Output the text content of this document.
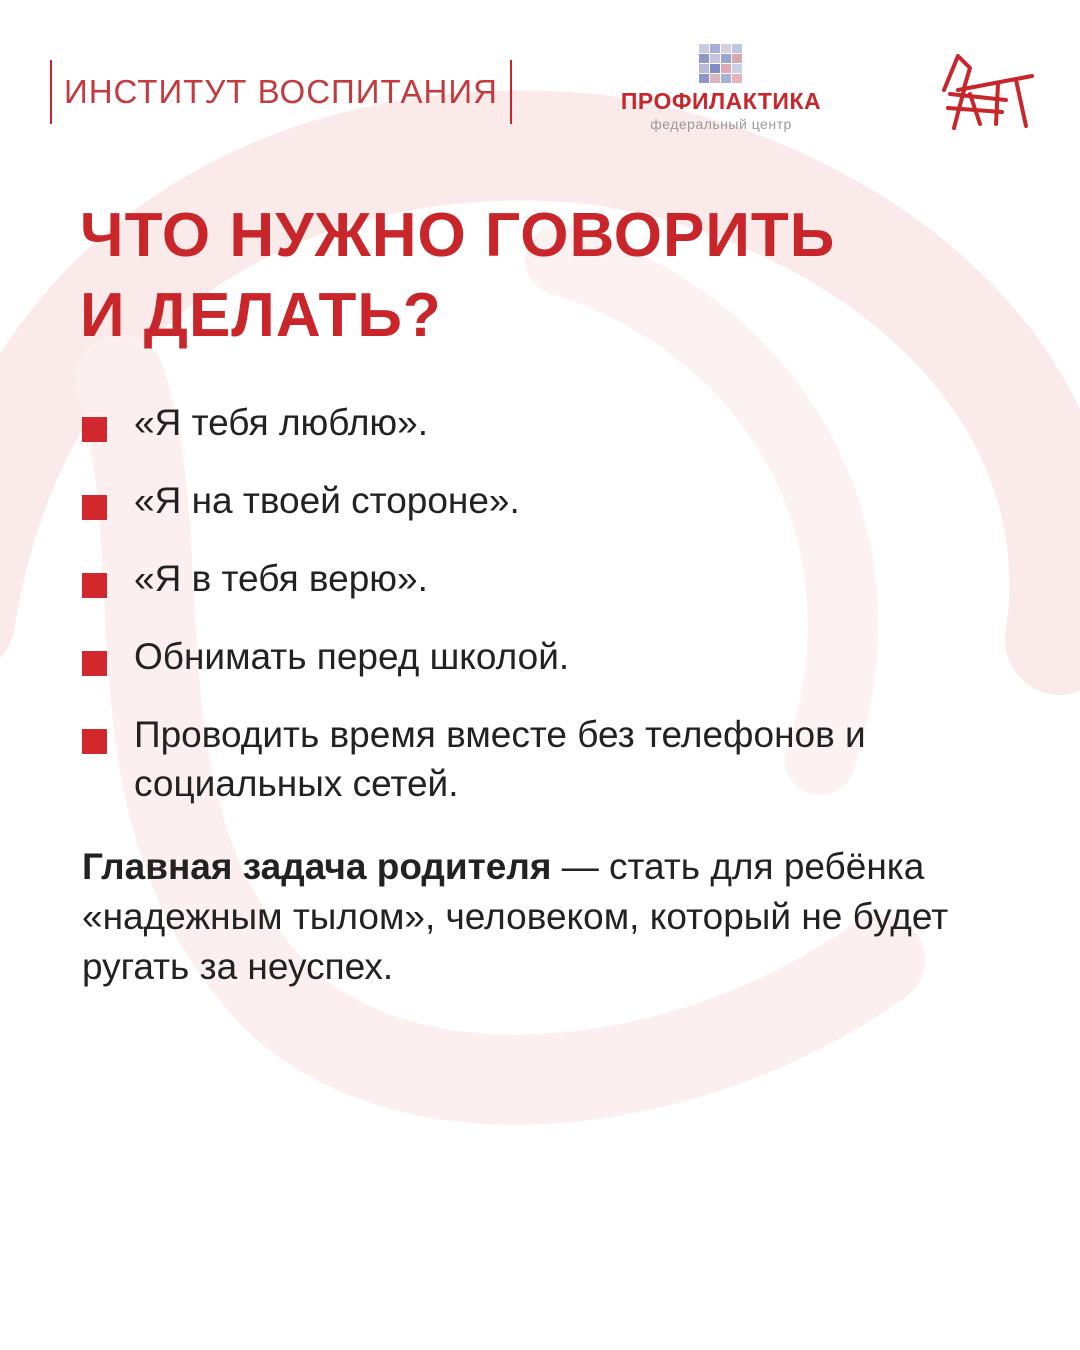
ИНСТИТУТ ВОСПИТАНИЯ	ПРОФИЛАКТИКА
федеральный центр
ЧТО НУЖНО ГОВОРИТЬ
И ДЕЛАТЬ?
«Я тебя люблю».
«Я на твоей стороне».
«Я в тебя верю».
Обнимать перед школой.
Проводить время вместе без телефонов и социальных сетей.

Главная задача родителя — стать для ребёнка «надежным тылом», человеком, который не будет ругать за неуспех.
